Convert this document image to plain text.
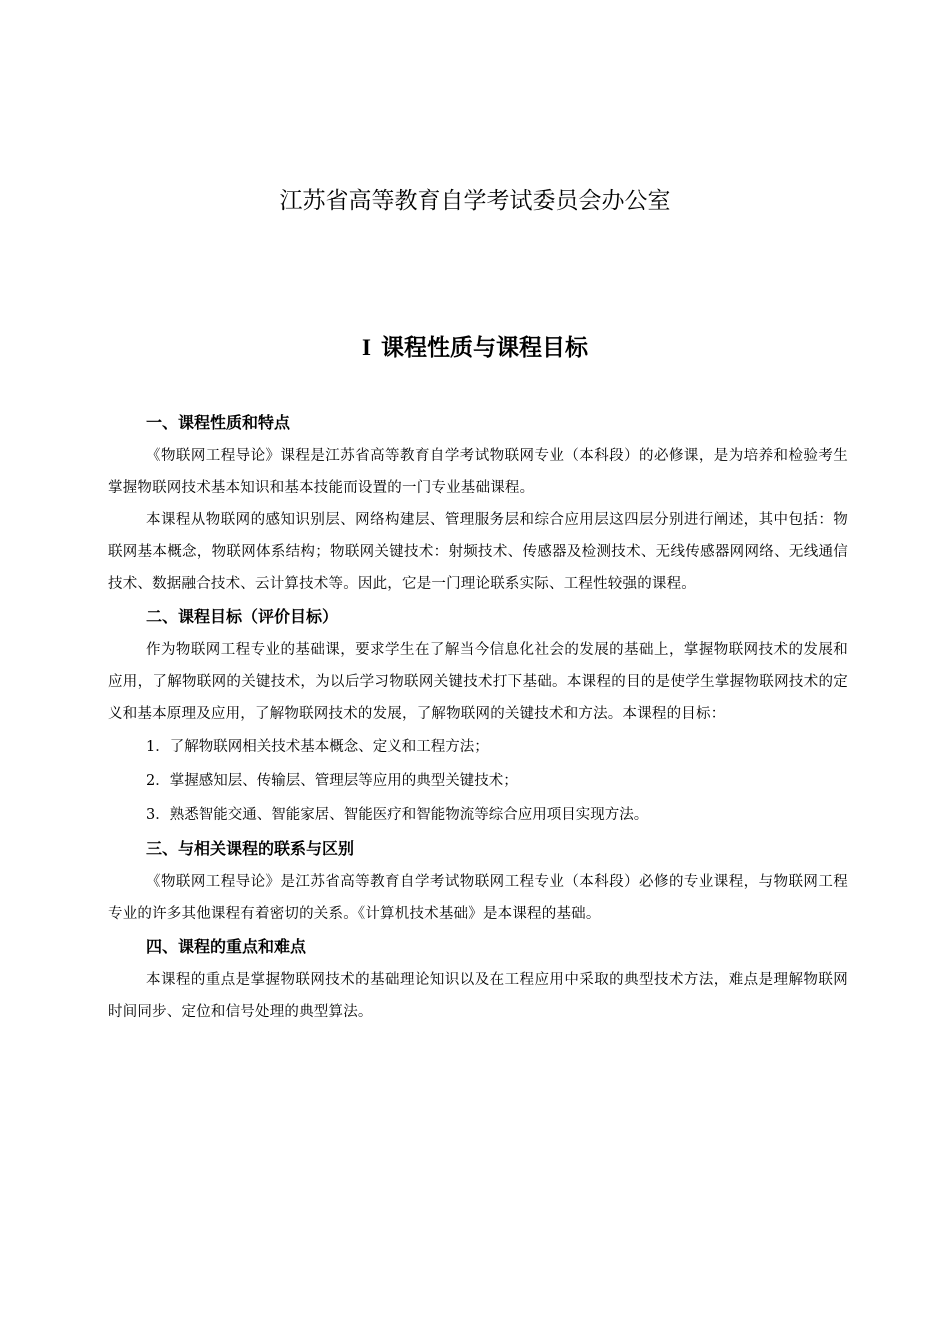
江苏省高等教育自学考试委员会办公室
I 课程性质与课程目标
一、课程性质和特点

《物联网工程导论》课程是江苏省高等教育自学考试物联网专业（本科段）的必修课，是为培养和检验考生掌握物联网技术基本知识和基本技能而设置的一门专业基础课程。

本课程从物联网的感知识别层、网络构建层、管理服务层和综合应用层这四层分别进行阐述，其中包括：物联网基本概念，物联网体系结构；物联网关键技术：射频技术、传感器及检测技术、无线传感器网网络、无线通信技术、数据融合技术、云计算技术等。因此，它是一门理论联系实际、工程性较强的课程。

二、课程目标（评价目标）

作为物联网工程专业的基础课，要求学生在了解当今信息化社会的发展的基础上，掌握物联网技术的发展和应用，了解物联网的关键技术，为以后学习物联网关键技术打下基础。本课程的目的是使学生掌握物联网技术的定义和基本原理及应用，了解物联网技术的发展，了解物联网的关键技术和方法。本课程的目标：

1．了解物联网相关技术基本概念、定义和工程方法；

2．掌握感知层、传输层、管理层等应用的典型关键技术；

3．熟悉智能交通、智能家居、智能医疗和智能物流等综合应用项目实现方法。

三、与相关课程的联系与区别

《物联网工程导论》是江苏省高等教育自学考试物联网工程专业（本科段）必修的专业课程，与物联网工程专业的许多其他课程有着密切的关系。《计算机技术基础》是本课程的基础。

四、课程的重点和难点

本课程的重点是掌握物联网技术的基础理论知识以及在工程应用中采取的典型技术方法，难点是理解物联网时间同步、定位和信号处理的典型算法。
